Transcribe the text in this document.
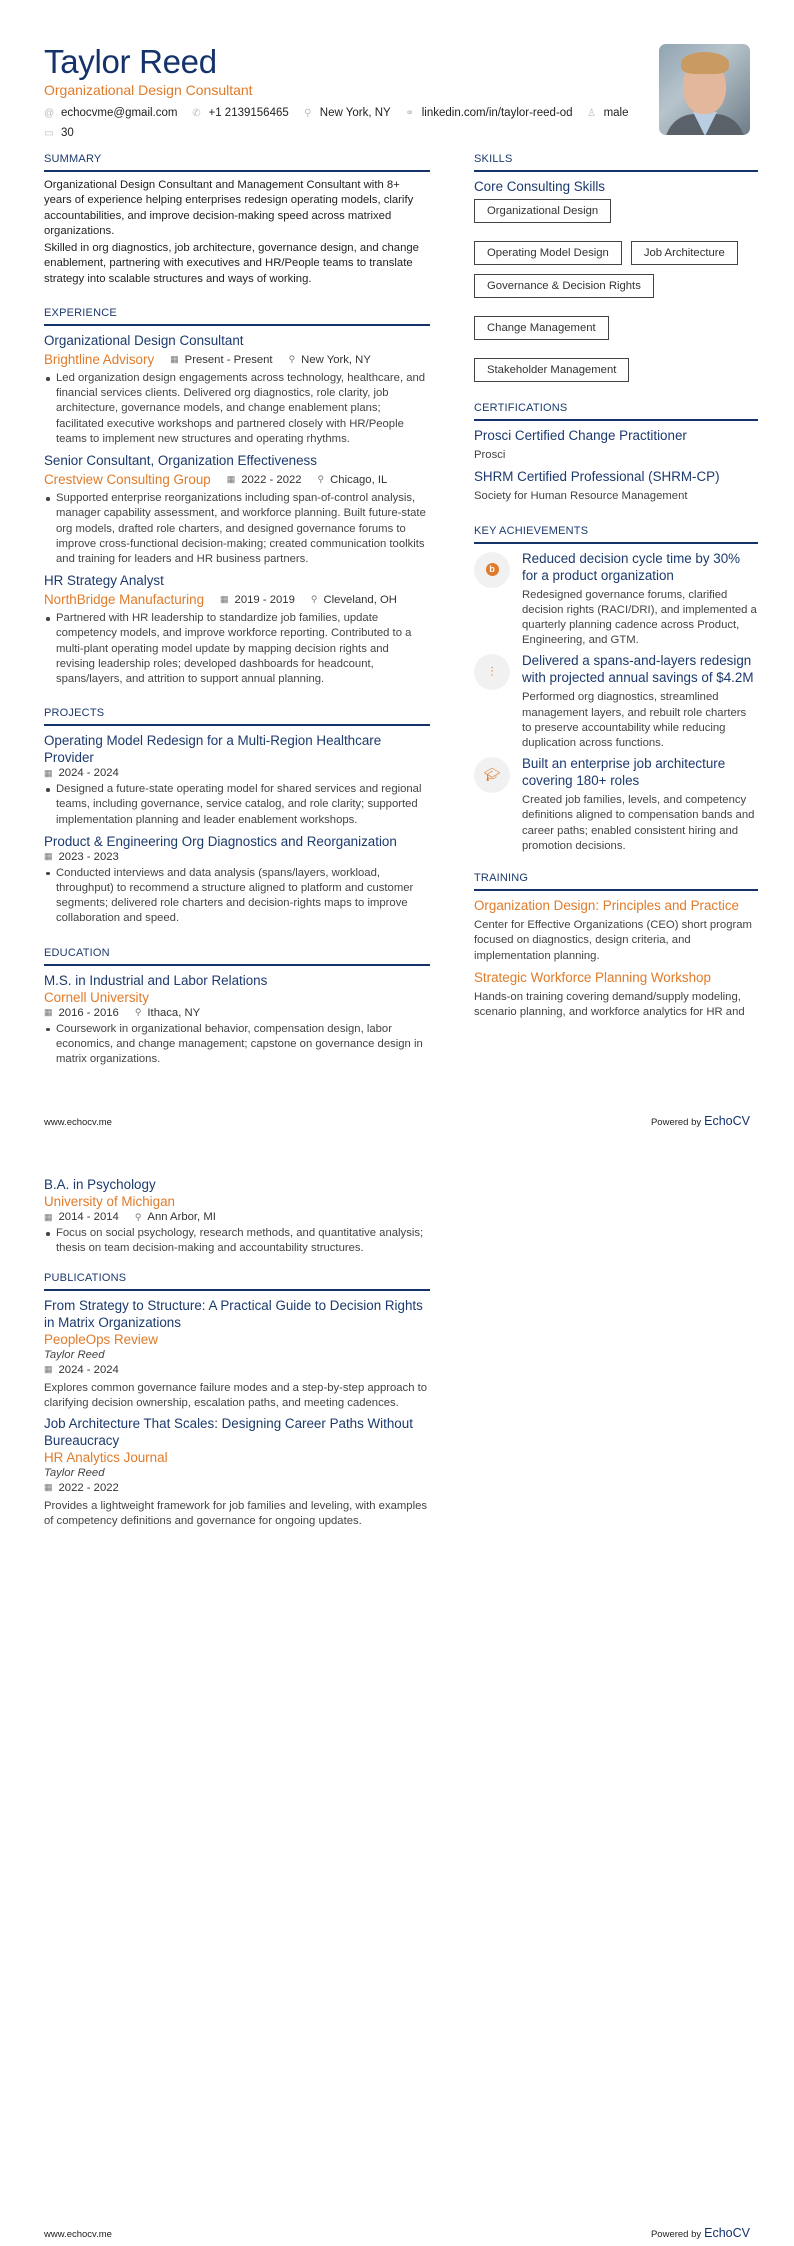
Taylor Reed
Organizational Design Consultant
@ echocvme@gmail.com ✆ +1 2139156465 ⚲ New York, NY ⚭ linkedin.com/in/taylor-reed-od ♙ male
▭ 30
SUMMARY

Organizational Design Consultant and Management Consultant with 8+ years of experience helping enterprises redesign operating models, clarify accountabilities, and improve decision-making speed across matrixed organizations.

Skilled in org diagnostics, job architecture, governance design, and change enablement, partnering with executives and HR/People teams to translate strategy into scalable structures and ways of working.

EXPERIENCE
Organizational Design Consultant
Brightline Advisory ▦ Present - Present ⚲ New York, NY
Led organization design engagements across technology, healthcare, and financial services clients. Delivered org diagnostics, role clarity, job architecture, governance models, and change enablement plans; facilitated executive workshops and partnered closely with HR/People teams to implement new structures and operating rhythms.
Senior Consultant, Organization Effectiveness
Crestview Consulting Group ▦ 2022 - 2022 ⚲ Chicago, IL
Supported enterprise reorganizations including span-of-control analysis, manager capability assessment, and workforce planning. Built future-state org models, drafted role charters, and designed governance forums to improve cross-functional decision-making; created communication toolkits and training for leaders and HR business partners.
HR Strategy Analyst
NorthBridge Manufacturing ▦ 2019 - 2019 ⚲ Cleveland, OH
Partnered with HR leadership to standardize job families, update competency models, and improve workforce reporting. Contributed to a multi-plant operating model update by mapping decision rights and revising leadership roles; developed dashboards for headcount, spans/layers, and attrition to support annual planning.
PROJECTS
Operating Model Redesign for a Multi-Region Healthcare Provider
▦ 2024 - 2024
Designed a future-state operating model for shared services and regional teams, including governance, service catalog, and role clarity; supported implementation planning and leader enablement workshops.
Product & Engineering Org Diagnostics and Reorganization
▦ 2023 - 2023
Conducted interviews and data analysis (spans/layers, workload, throughput) to recommend a structure aligned to platform and customer segments; delivered role charters and decision-rights maps to improve collaboration and speed.
EDUCATION
M.S. in Industrial and Labor Relations
Cornell University
▦ 2016 - 2016 ⚲ Ithaca, NY
Coursework in organizational behavior, compensation design, labor economics, and change management; capstone on governance design in matrix organizations.
SKILLS
Core Consulting Skills
Organizational Design
Operating Model Design	Job Architecture
Governance & Decision Rights
Change Management
Stakeholder Management
CERTIFICATIONS
Prosci Certified Change Practitioner
Prosci
SHRM Certified Professional (SHRM-CP)
Society for Human Resource Management
KEY ACHIEVEMENTS
b
Reduced decision cycle time by 30% for a product organization
Redesigned governance forums, clarified decision rights (RACI/DRI), and implemented a quarterly planning cadence across Product, Engineering, and GTM.
⫶
Delivered a spans-and-layers redesign with projected annual savings of $4.2M
Performed org diagnostics, streamlined management layers, and rebuilt role charters to preserve accountability while reducing duplication across functions.
🎓︎
Built an enterprise job architecture covering 180+ roles
Created job families, levels, and competency definitions aligned to compensation bands and career paths; enabled consistent hiring and promotion decisions.
TRAINING
Organization Design: Principles and Practice
Center for Effective Organizations (CEO) short program focused on diagnostics, design criteria, and implementation planning.
Strategic Workforce Planning Workshop
Hands-on training covering demand/supply modeling, scenario planning, and workforce analytics for HR and
www.echocv.me	Powered by EchoCV
B.A. in Psychology
University of Michigan
▦ 2014 - 2014 ⚲ Ann Arbor, MI
Focus on social psychology, research methods, and quantitative analysis; thesis on team decision-making and accountability structures.
PUBLICATIONS
From Strategy to Structure: A Practical Guide to Decision Rights in Matrix Organizations
PeopleOps Review
Taylor Reed
▦ 2024 - 2024
Explores common governance failure modes and a step-by-step approach to clarifying decision ownership, escalation paths, and meeting cadences.
Job Architecture That Scales: Designing Career Paths Without Bureaucracy
HR Analytics Journal
Taylor Reed
▦ 2022 - 2022
Provides a lightweight framework for job families and leveling, with examples of competency definitions and governance for ongoing updates.
www.echocv.me	Powered by EchoCV
